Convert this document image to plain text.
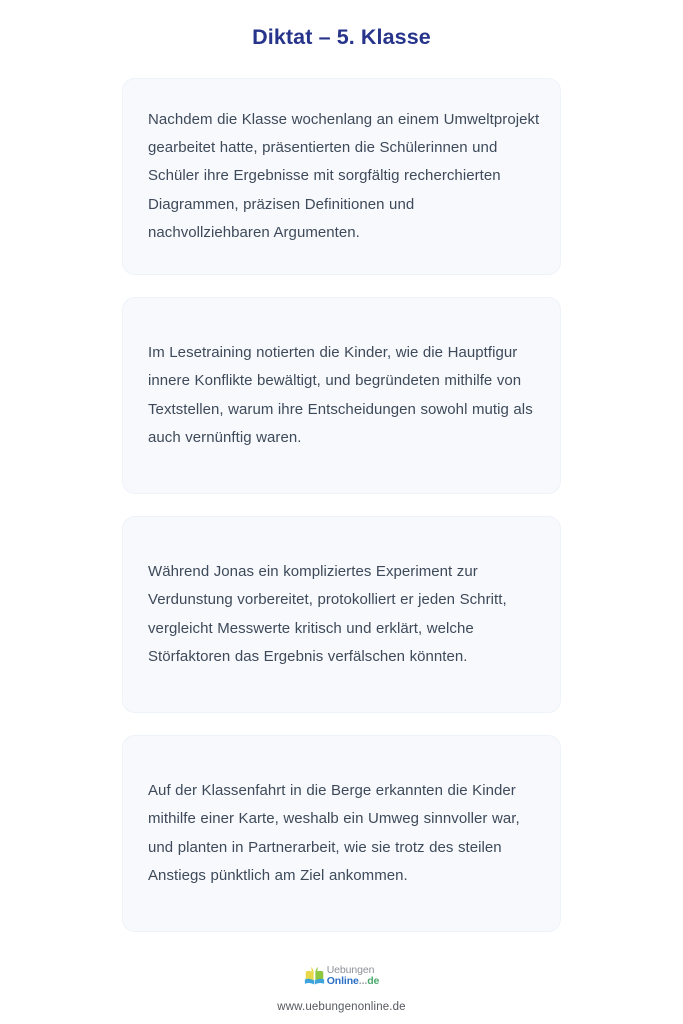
Diktat – 5. Klasse

Nachdem die Klasse wochenlang an einem Umweltprojekt gearbeitet hatte, präsentierten die Schülerinnen und Schüler ihre Ergebnisse mit sorgfältig recherchierten Diagrammen, präzisen Definitionen und nachvollziehbaren Argumenten.

Im Lesetraining notierten die Kinder, wie die Hauptfigur innere Konflikte bewältigt, und begründeten mithilfe von Textstellen, warum ihre Entscheidungen sowohl mutig als auch vernünftig waren.

Während Jonas ein kompliziertes Experiment zur Verdunstung vorbereitet, protokolliert er jeden Schritt, vergleicht Messwerte kritisch und erklärt, welche Störfaktoren das Ergebnis verfälschen könnten.

Auf der Klassenfahrt in die Berge erkannten die Kinder mithilfe einer Karte, weshalb ein Umweg sinnvoller war, und planten in Partnerarbeit, wie sie trotz des steilen Anstiegs pünktlich am Ziel ankommen.

Uebungen
Online...de
www.uebungenonline.de
